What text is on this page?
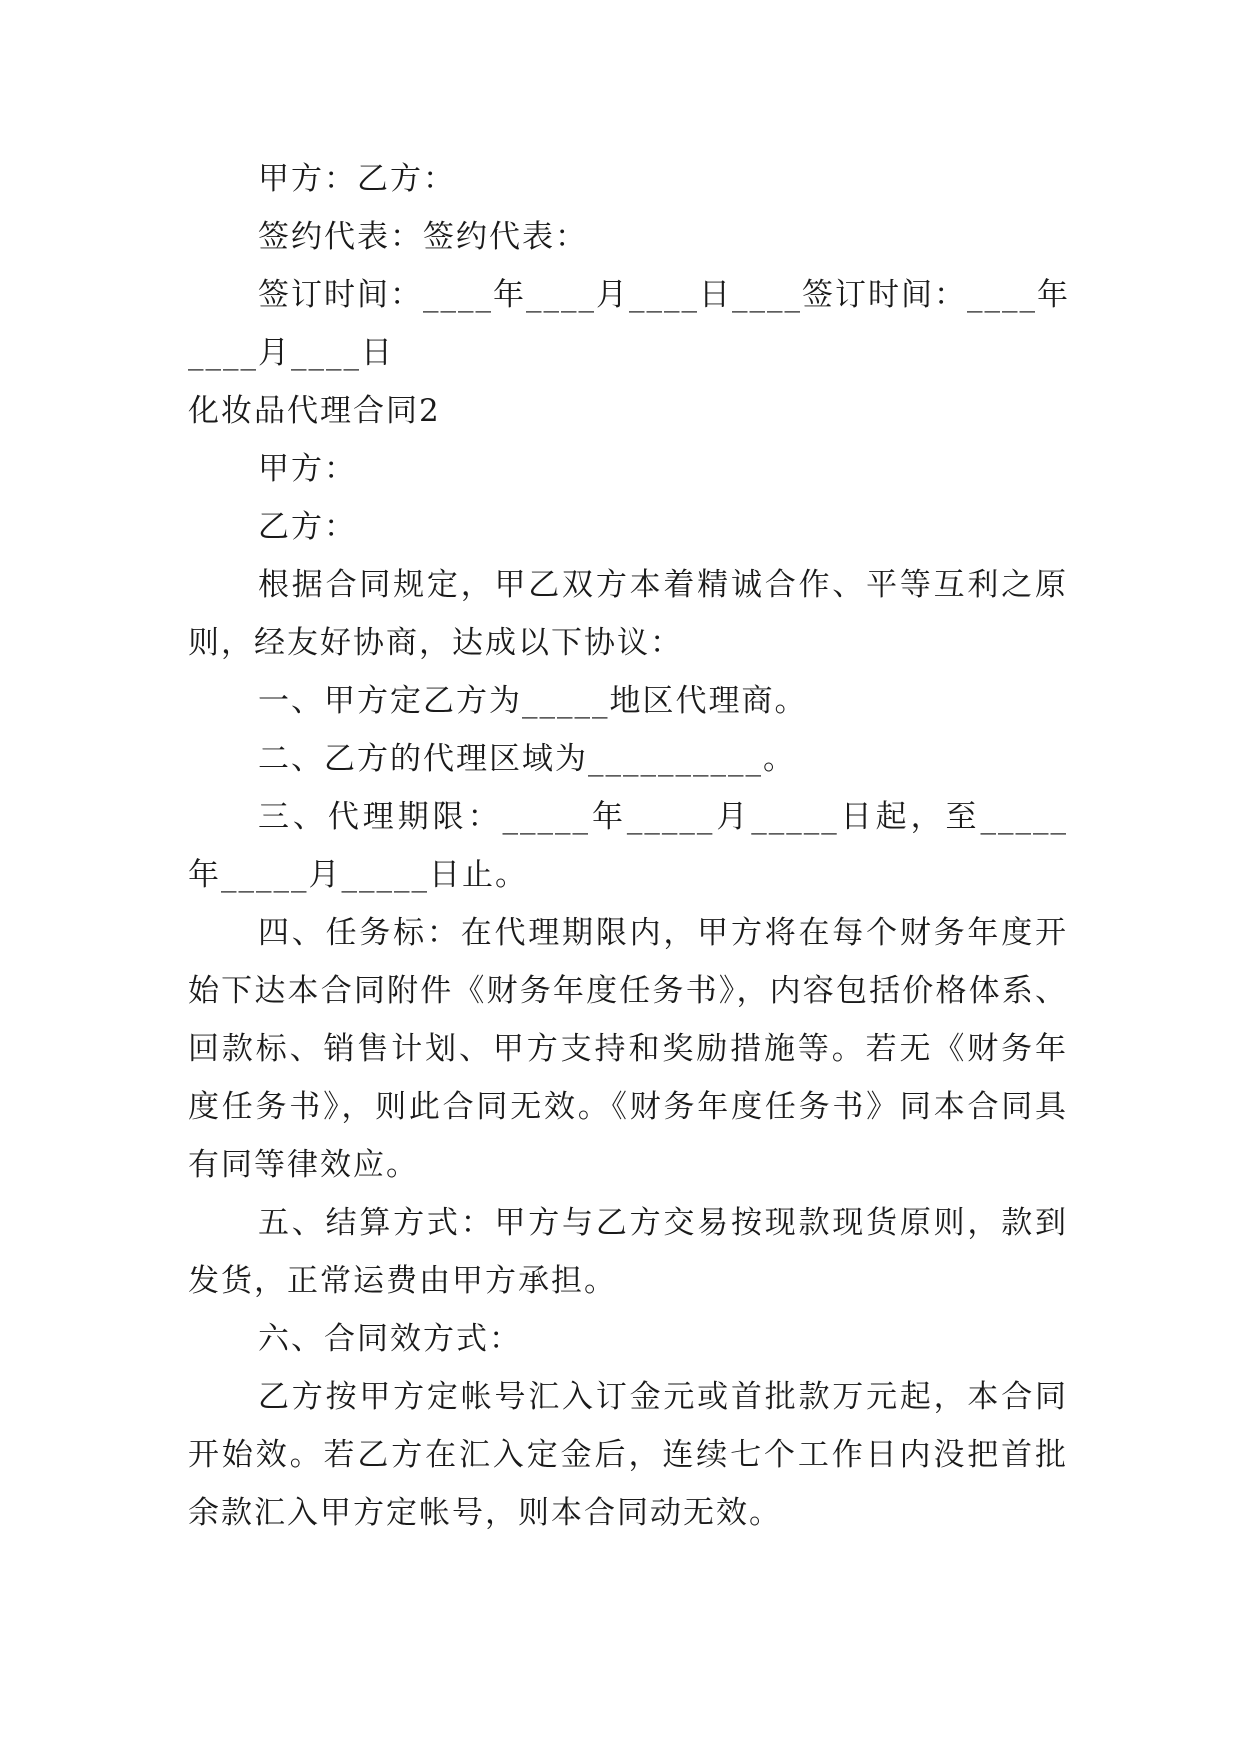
甲方：乙方：

签约代表：签约代表：

签订时间：____年____月____日____签订时间：____年

____月____日

化妆品代理合同2

甲方：

乙方：

根据合同规定，甲乙双方本着精诚合作、平等互利之原则，经友好协商，达成以下协议：

一、甲方定乙方为_____地区代理商。

二、乙方的代理区域为__________。

三、代理期限：_____年_____月_____日起，至_____年_____月_____日止。

四、任务标：在代理期限内，甲方将在每个财务年度开始下达本合同附件《财务年度任务书》，内容包括价格体系、回款标、销售计划、甲方支持和奖励措施等。若无《财务年度任务书》，则此合同无效。《财务年度任务书》同本合同具有同等律效应。

五、结算方式：甲方与乙方交易按现款现货原则，款到发货，正常运费由甲方承担。

六、合同效方式：

乙方按甲方定帐号汇入订金元或首批款万元起，本合同开始效。若乙方在汇入定金后，连续七个工作日内没把首批余款汇入甲方定帐号，则本合同动无效。
